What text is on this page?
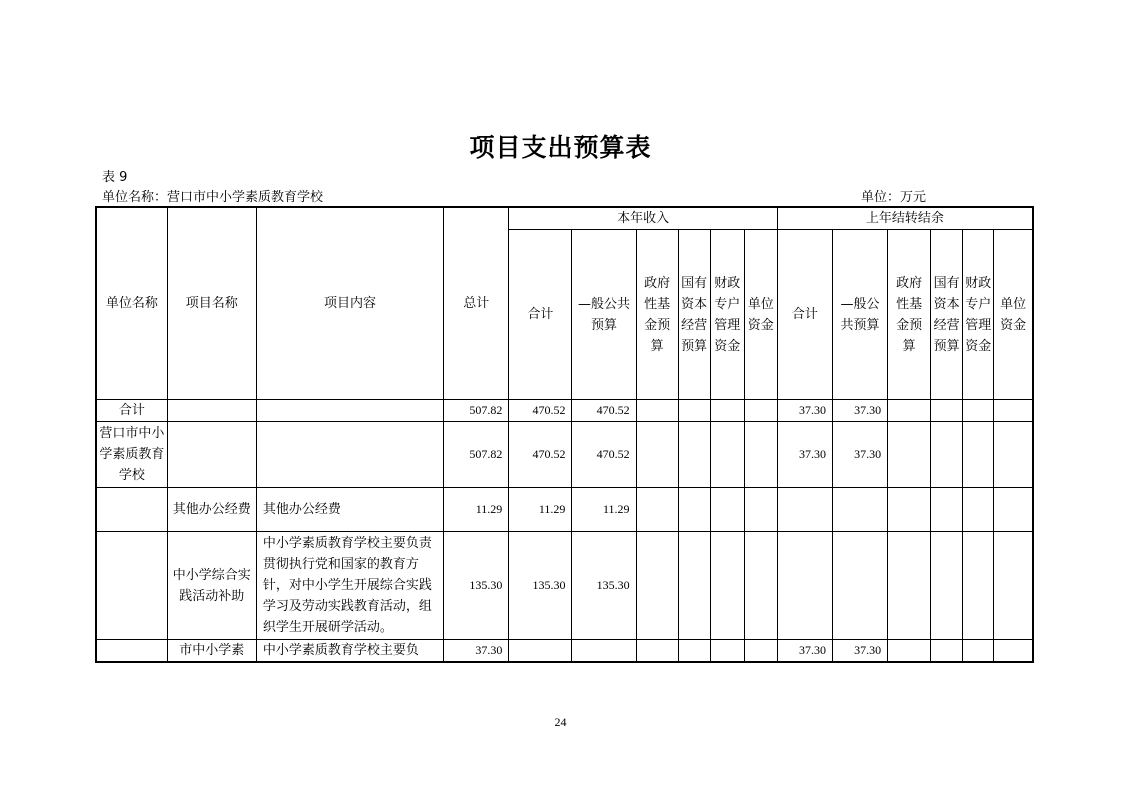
项目支出预算表
表 9
单位名称：营口市中小学素质教育学校	单位：万元
单位名称	项目名称	项目内容	总计	本年收入						上年结转结余					
				合计	—般公共预算	政府性基金预算	国有资本经营预算	财政专户管理资金	单位资金	合计	—般公共预算	政府性基金预算	国有资本经营预算	财政专户管理资金	单位资金
合计			507.82	470.52	470.52					37.30	37.30				
营口市中小学素质教育学校			507.82	470.52	470.52					37.30	37.30				
	其他办公经费	其他办公经费	11.29	11.29	11.29										
	中小学综合实践活动补助	中小学素质教育学校主要负责贯彻执行党和国家的教育方针，对中小学生开展综合实践学习及劳动实践教育活动，组织学生开展研学活动。	135.30	135.30	135.30										
	市中小学素	中小学素质教育学校主要负	37.30							37.30	37.30				
24
